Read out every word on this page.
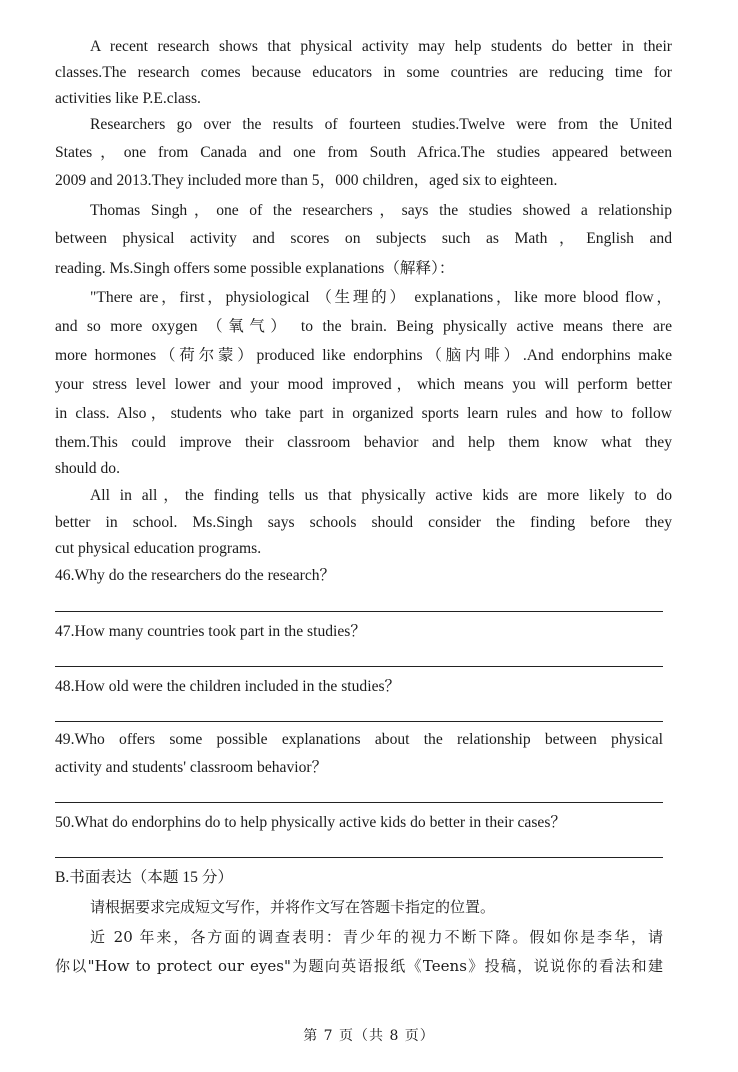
A recent research shows that physical activity may help students do better in their
classes.The research comes because educators in some countries are reducing time for
activities like P.E.class.
Researchers go over the results of fourteen studies.Twelve were from the United
States，one from Canada and one from South Africa.The studies appeared between
2009 and 2013.They included more than 5，000 children，aged six to eighteen.
Thomas Singh，one of the researchers，says the studies showed a relationship
between physical activity and scores on subjects such as Math，English and
reading. Ms.Singh offers some possible explanations（解释）：
"There are，first，physiological （生理的） explanations，like more blood flow，
and so more oxygen （氧气） to the brain. Being physically active means there are
more hormones（荷尔蒙）produced like endorphins（脑内啡）.And endorphins make
your stress level lower and your mood improved，which means you will perform better
in class. Also，students who take part in organized sports learn rules and how to follow
them.This could improve their classroom behavior and help them know what they
should do.
All in all，the finding tells us that physically active kids are more likely to do
better in school. Ms.Singh says schools should consider the finding before they
cut physical education programs.
46.Why do the researchers do the research？
47.How many countries took part in the studies？
48.How old were the children included in the studies？
49.Who offers some possible explanations about the relationship between physical
activity and students' classroom behavior？
50.What do endorphins do to help physically active kids do better in their cases？
B.书面表达（本题 15 分）
请根据要求完成短文写作，并将作文写在答题卡指定的位置。
近 20 年来，各方面的调查表明：青少年的视力不断下降。假如你是李华，请
你以"How to protect our eyes"为题向英语报纸《Teens》投稿，说说你的看法和建
第 7 页（共 8 页）
